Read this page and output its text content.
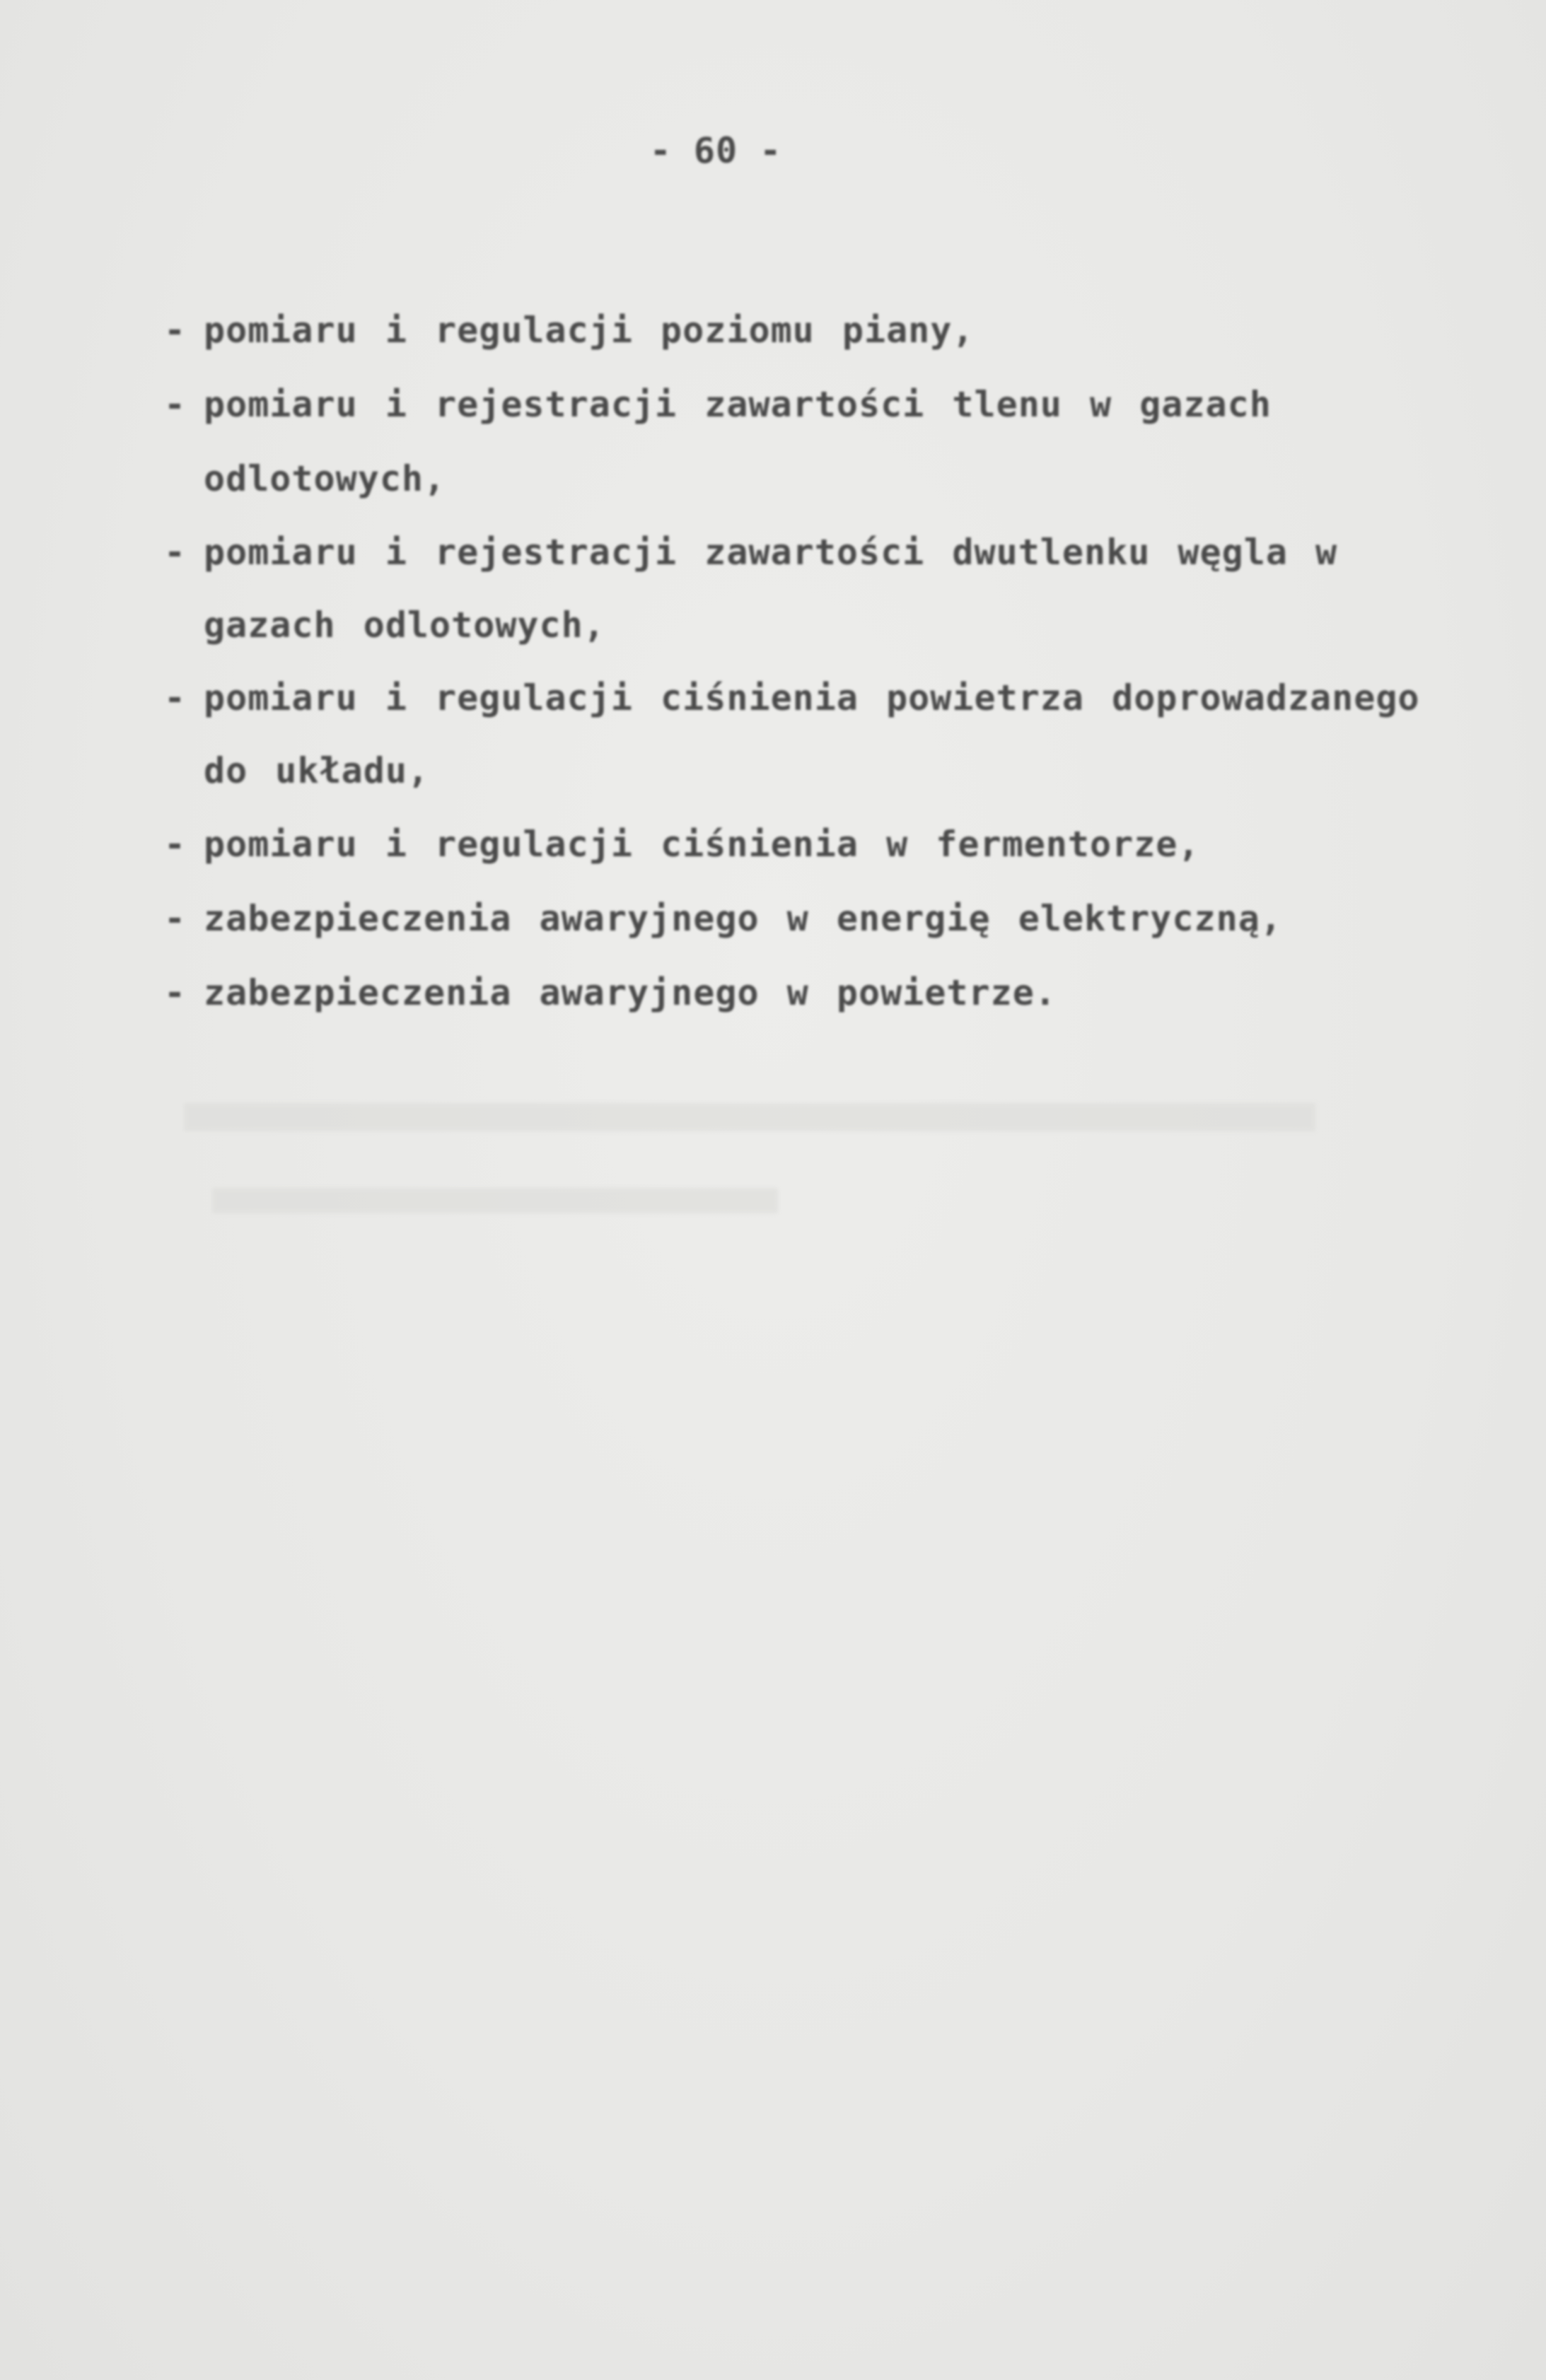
- 60 -
- pomiaru i regulacji poziomu piany,
- pomiaru i rejestracji zawartości tlenu w gazach odlotowych,
- pomiaru i rejestracji zawartości dwutlenku węgla w gazach odlotowych,
- pomiaru i regulacji ciśnienia powietrza doprowadzanego do układu,
- pomiaru i regulacji ciśnienia w fermentorze,
- zabezpieczenia awaryjnego w energię elektryczną,
- zabezpieczenia awaryjnego w powietrze.
